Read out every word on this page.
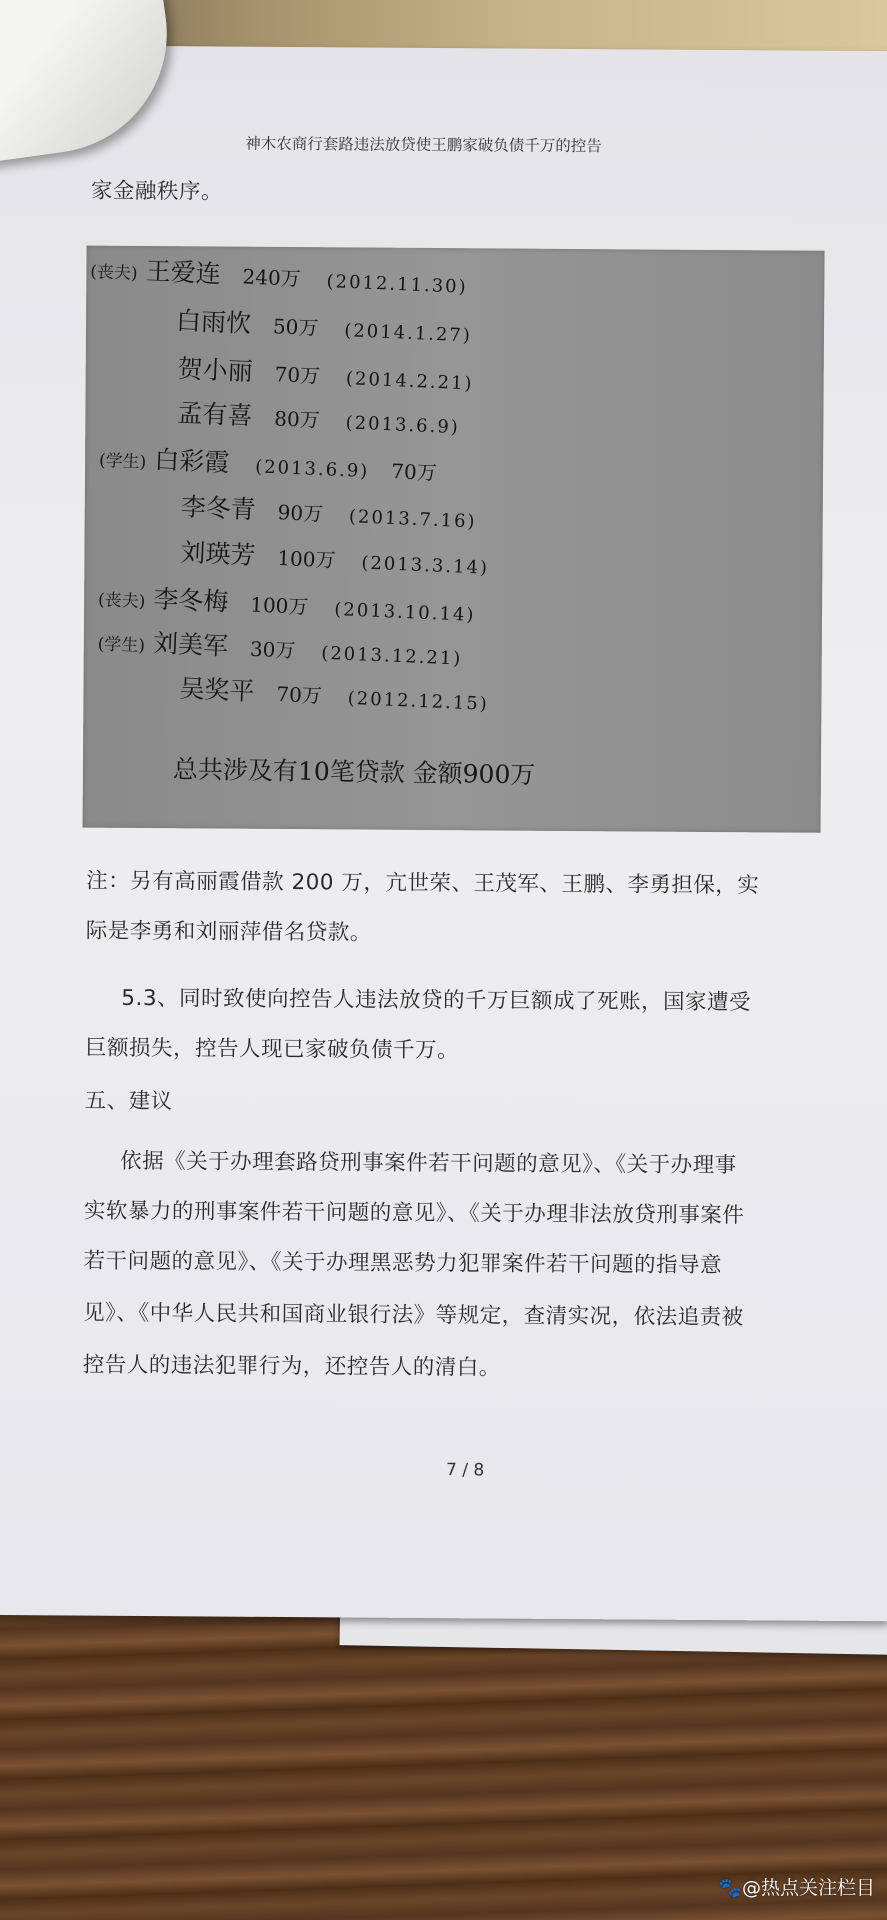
神木农商行套路违法放贷使王鹏家破负债千万的控告
家金融秩序。
(丧夫) 王爱连 240万 (2012.11.30)
白雨忺 50万 (2014.1.27)
贺小丽 70万 (2014.2.21)
孟有喜 80万 (2013.6.9)
(学生) 白彩霞 (2013.6.9) 70万
李冬青 90万 (2013.7.16)
刘瑛芳 100万 (2013.3.14)
(丧夫) 李冬梅 100万 (2013.10.14)
(学生) 刘美军 30万 (2013.12.21)
吴奖平 70万 (2012.12.15)
总共涉及有10笔贷款 金额900万
注：另有高丽霞借款 200 万，亢世荣、王茂军、王鹏、李勇担保，实
际是李勇和刘丽萍借名贷款。
5.3、同时致使向控告人违法放贷的千万巨额成了死账，国家遭受
巨额损失，控告人现已家破负债千万。
五、建议
依据《关于办理套路贷刑事案件若干问题的意见》、《关于办理事
实软暴力的刑事案件若干问题的意见》、《关于办理非法放贷刑事案件
若干问题的意见》、《关于办理黑恶势力犯罪案件若干问题的指导意
见》、《中华人民共和国商业银行法》等规定，查清实况，依法追责被
控告人的违法犯罪行为，还控告人的清白。
7 / 8
🐾@热点关注栏目
